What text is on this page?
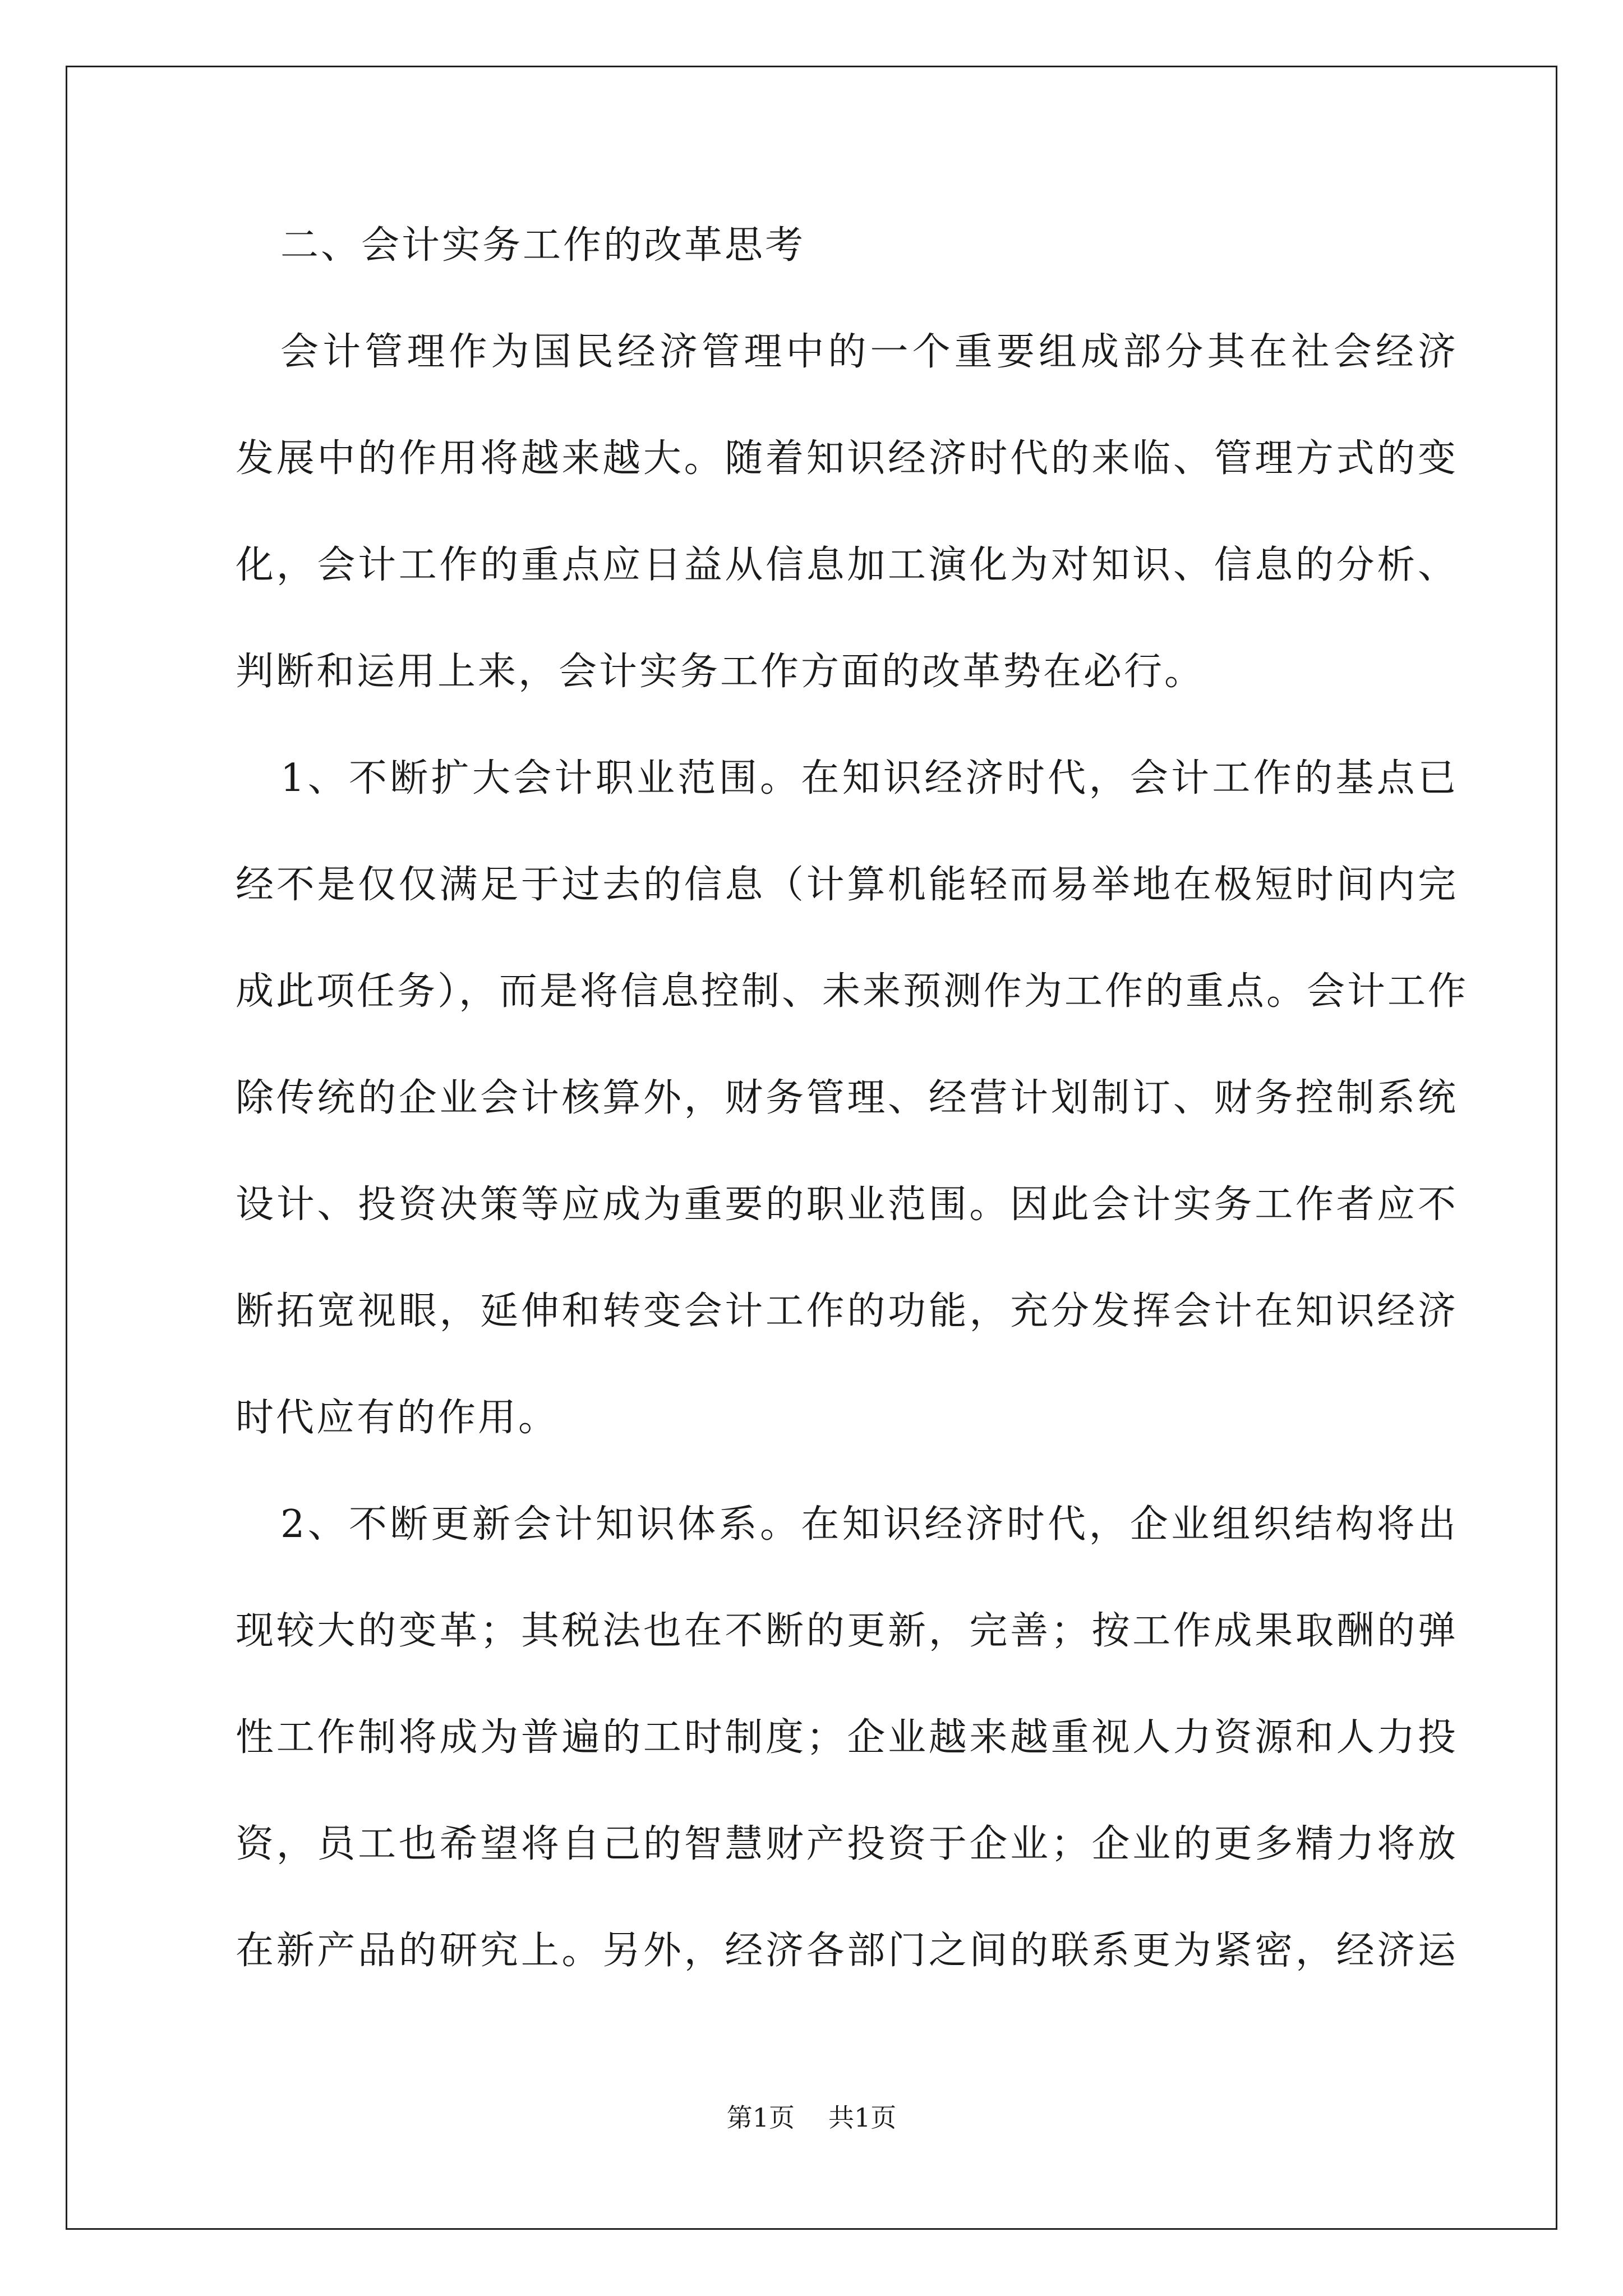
二、会计实务工作的改革思考
会计管理作为国民经济管理中的一个重要组成部分其在社会经济
发展中的作用将越来越大。随着知识经济时代的来临、管理方式的变
化，会计工作的重点应日益从信息加工演化为对知识、信息的分析、
判断和运用上来，会计实务工作方面的改革势在必行。
1、不断扩大会计职业范围。在知识经济时代，会计工作的基点已
经不是仅仅满足于过去的信息（计算机能轻而易举地在极短时间内完
成此项任务），而是将信息控制、未来预测作为工作的重点。会计工作
除传统的企业会计核算外，财务管理、经营计划制订、财务控制系统
设计、投资决策等应成为重要的职业范围。因此会计实务工作者应不
断拓宽视眼，延伸和转变会计工作的功能，充分发挥会计在知识经济
时代应有的作用。
2、不断更新会计知识体系。在知识经济时代，企业组织结构将出
现较大的变革；其税法也在不断的更新，完善；按工作成果取酬的弹
性工作制将成为普遍的工时制度；企业越来越重视人力资源和人力投
资，员工也希望将自己的智慧财产投资于企业；企业的更多精力将放
在新产品的研究上。另外，经济各部门之间的联系更为紧密，经济运
第1页 共1页
